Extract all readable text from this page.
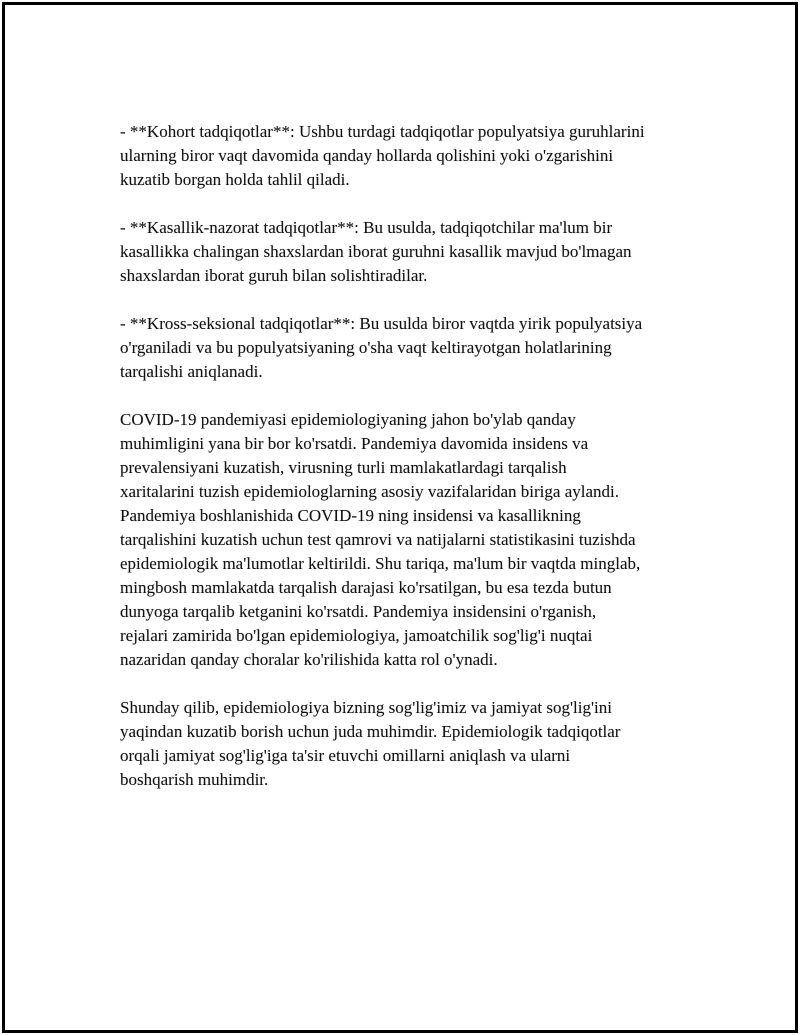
- **Kohort tadqiqotlar**: Ushbu turdagi tadqiqotlar populyatsiya guruhlarini
ularning biror vaqt davomida qanday hollarda qolishini yoki o'zgarishini
kuzatib borgan holda tahlil qiladi.

- **Kasallik-nazorat tadqiqotlar**: Bu usulda, tadqiqotchilar ma'lum bir
kasallikka chalingan shaxslardan iborat guruhni kasallik mavjud bo'lmagan
shaxslardan iborat guruh bilan solishtiradilar.

- **Kross-seksional tadqiqotlar**: Bu usulda biror vaqtda yirik populyatsiya
o'rganiladi va bu populyatsiyaning o'sha vaqt keltirayotgan holatlarining
tarqalishi aniqlanadi.

COVID-19 pandemiyasi epidemiologiyaning jahon bo'ylab qanday
muhimligini yana bir bor ko'rsatdi. Pandemiya davomida insidens va
prevalensiyani kuzatish, virusning turli mamlakatlardagi tarqalish
xaritalarini tuzish epidemiologlarning asosiy vazifalaridan biriga aylandi.
Pandemiya boshlanishida COVID-19 ning insidensi va kasallikning
tarqalishini kuzatish uchun test qamrovi va natijalarni statistikasini tuzishda
epidemiologik ma'lumotlar keltirildi. Shu tariqa, ma'lum bir vaqtda minglab,
mingbosh mamlakatda tarqalish darajasi ko'rsatilgan, bu esa tezda butun
dunyoga tarqalib ketganini ko'rsatdi. Pandemiya insidensini o'rganish,
rejalari zamirida bo'lgan epidemiologiya, jamoatchilik sog'lig'i nuqtai
nazaridan qanday choralar ko'rilishida katta rol o'ynadi.

Shunday qilib, epidemiologiya bizning sog'lig'imiz va jamiyat sog'lig'ini
yaqindan kuzatib borish uchun juda muhimdir. Epidemiologik tadqiqotlar
orqali jamiyat sog'lig'iga ta'sir etuvchi omillarni aniqlash va ularni
boshqarish muhimdir.
